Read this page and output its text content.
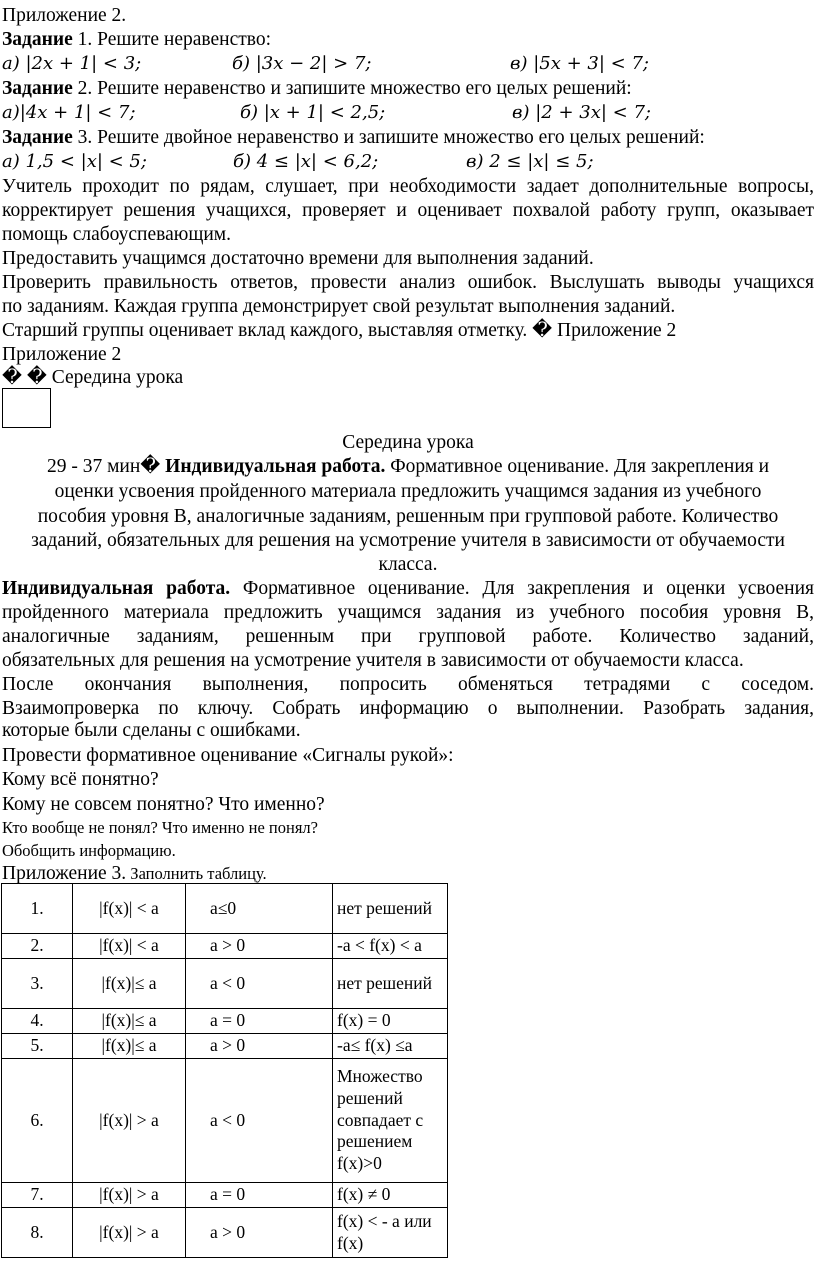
Приложение 2.
Задание 1. Решите неравенство:
а) |2x + 1| < 3;	б) |3x − 2| > 7;	в) |5x + 3| < 7;
Задание 2. Решите неравенство и запишите множество его целых решений:
а)|4x + 1| < 7;	б) |x + 1| < 2,5;	в) |2 + 3x| < 7;
Задание 3. Решите двойное неравенство и запишите множество его целых решений:
а) 1,5 < |x| < 5;	б) 4 ≤ |x| < 6,2;	в) 2 ≤ |x| ≤ 5;
Учитель проходит по рядам, слушает, при необходимости задает дополнительные вопросы,
корректирует решения учащихся, проверяет и оценивает похвалой работу групп, оказывает
помощь слабоуспевающим.
Предоставить учащимся достаточно времени для выполнения заданий.
Проверить правильность ответов, провести анализ ошибок. Выслушать выводы учащихся
по заданиям. Каждая группа демонстрирует свой результат выполнения заданий.
Старший группы оценивает вклад каждого, выставляя отметку. � Приложение 2
Приложение 2
� � Середина урока
Середина урока
29 - 37 мин� Индивидуальная работа. Формативное оценивание. Для закрепления и
оценки усвоения пройденного материала предложить учащимся задания из учебного
пособия уровня В, аналогичные заданиям, решенным при групповой работе. Количество
заданий, обязательных для решения на усмотрение учителя в зависимости от обучаемости
класса.
Индивидуальная работа. Формативное оценивание. Для закрепления и оценки усвоения
пройденного материала предложить учащимся задания из учебного пособия уровня В,
аналогичные заданиям, решенным при групповой работе. Количество заданий,
обязательных для решения на усмотрение учителя в зависимости от обучаемости класса.
После окончания выполнения, попросить обменяться тетрадями с соседом.
Взаимопроверка по ключу. Собрать информацию о выполнении. Разобрать задания,
которые были сделаны с ошибками.
Провести формативное оценивание «Сигналы рукой»:
Кому всё понятно?
Кому не совсем понятно? Что именно?
Кто вообще не понял? Что именно не понял?
Обобщить информацию.
Приложение 3. Заполнить таблицу.
1.	|f(x)| < a	a≤0	нет решений
2.	|f(x)| < a	a > 0	-a < f(x) < a
3.	|f(x)|≤ a	a < 0	нет решений
4.	|f(x)|≤ a	a = 0	f(x) = 0
5.	|f(x)|≤ a	a > 0	-a≤ f(x) ≤a
6.	|f(x)| > a	a < 0	Множество решений совпадает с решением f(x)>0
7.	|f(x)| > a	a = 0	f(x) ≠ 0
8.	|f(x)| > a	a > 0	f(x) < - a или f(x)
